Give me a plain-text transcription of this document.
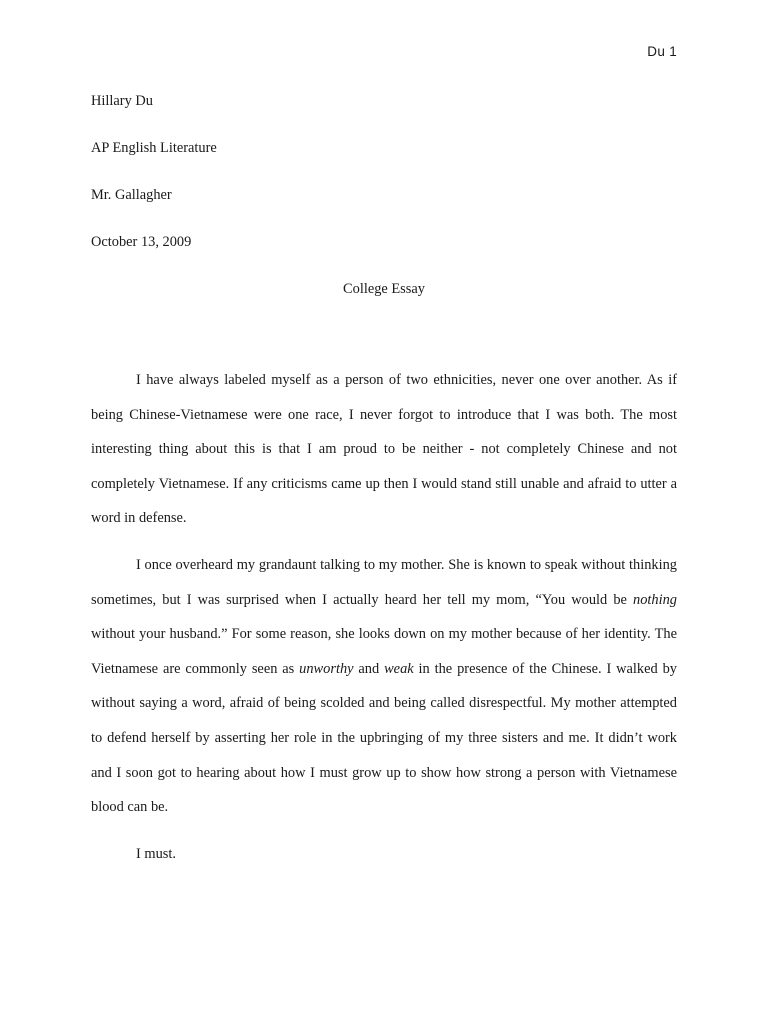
Du 1
Hillary Du
AP English Literature
Mr. Gallagher
October 13, 2009
College Essay

I have always labeled myself as a person of two ethnicities, never one over another. As if being Chinese-Vietnamese were one race, I never forgot to introduce that I was both. The most interesting thing about this is that I am proud to be neither - not completely Chinese and not completely Vietnamese. If any criticisms came up then I would stand still unable and afraid to utter a word in defense.

I once overheard my grandaunt talking to my mother. She is known to speak without thinking sometimes, but I was surprised when I actually heard her tell my mom, “You would be nothing without your husband.” For some reason, she looks down on my mother because of her identity. The Vietnamese are commonly seen as unworthy and weak in the presence of the Chinese. I walked by without saying a word, afraid of being scolded and being called disrespectful. My mother attempted to defend herself by asserting her role in the upbringing of my three sisters and me. It didn’t work and I soon got to hearing about how I must grow up to show how strong a person with Vietnamese blood can be.

I must.
